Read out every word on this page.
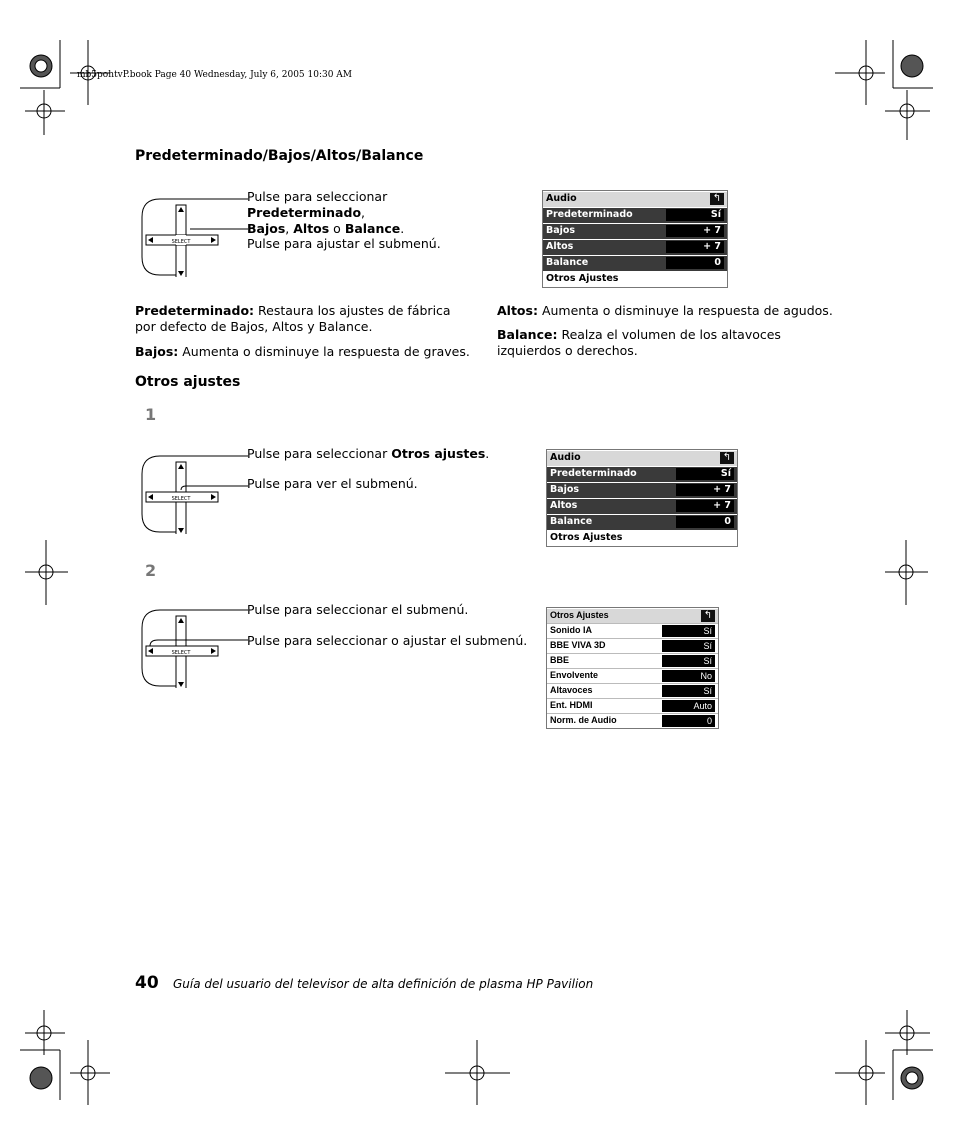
mb5pohtvP.book Page 40 Wednesday, July 6, 2005 10:30 AM
Predeterminado/Bajos/Altos/Balance
SELECT
Pulse para seleccionar Predeterminado,
Bajos, Altos o Balance.
Pulse para ajustar el submenú.
Audio	↰
Predeterminado	Sí
Bajos	+ 7
Altos	+ 7
Balance	0
Otros Ajustes
Predeterminado: Restaura los ajustes de fábrica
por defecto de Bajos, Altos y Balance.
Bajos: Aumenta o disminuye la respuesta de graves.
Altos: Aumenta o disminuye la respuesta de agudos.
Balance: Realza el volumen de los altavoces
izquierdos o derechos.
Otros ajustes
1
SELECT
Pulse para seleccionar Otros ajustes.
Pulse para ver el submenú.
Audio	↰
Predeterminado	Sí
Bajos	+ 7
Altos	+ 7
Balance	0
Otros Ajustes
2
SELECT
Pulse para seleccionar el submenú.
Pulse para seleccionar o ajustar el submenú.
Otros Ajustes	↰
Sonido IA	Sí
BBE VIVA 3D	Sí
BBE	Sí
Envolvente	No
Altavoces	Sí
Ent. HDMI	Auto
Norm. de Audio	0
40 Guía del usuario del televisor de alta definición de plasma HP Pavilion
